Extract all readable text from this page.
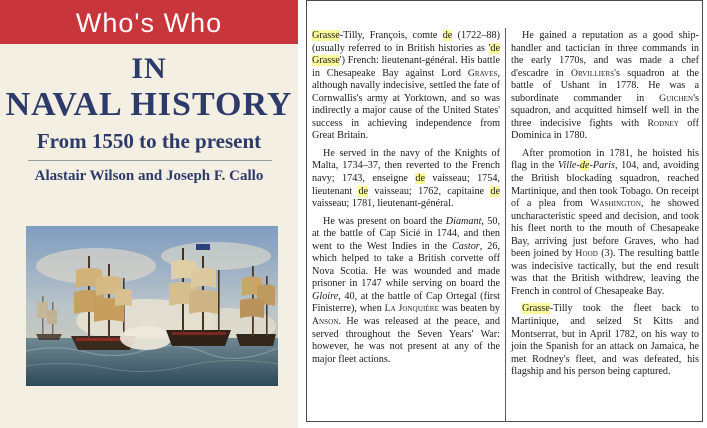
Who's Who
IN
NAVAL HISTORY
From 1550 to the present
Alastair Wilson and Joseph F. Callo

Grasse-Tilly, François, comte de (1722–88) (usually referred to in British histories as 'de Grasse') French: lieutenant-général. His battle in Chesapeake Bay against Lord Graves, although navally indecisive, settled the fate of Cornwallis's army at Yorktown, and so was indirectly a major cause of the United States' success in achieving independence from Great Britain.

He served in the navy of the Knights of Malta, 1734–37, then reverted to the French navy; 1743, enseigne de vaisseau; 1754, lieutenant de vaisseau; 1762, capitaine de vaisseau; 1781, lieutenant-général.

He was present on board the Diamant, 50, at the battle of Cap Sicié in 1744, and then went to the West Indies in the Castor, 26, which helped to take a British corvette off Nova Scotia. He was wounded and made prisoner in 1747 while serving on board the Gloire, 40, at the battle of Cap Ortegal (first Finisterre), when La Jonquière was beaten by Anson. He was released at the peace, and served throughout the Seven Years' War: however, he was not present at any of the major fleet actions.

He gained a reputation as a good ship-handler and tactician in three commands in the early 1770s, and was made a chef d'escadre in Orvilliers's squadron at the battle of Ushant in 1778. He was a subordinate commander in Guichen's squadron, and acquitted himself well in the three indecisive fights with Rodney off Dominica in 1780.

After promotion in 1781, he hoisted his flag in the Ville-de-Paris, 104, and, avoiding the British blockading squadron, reached Martinique, and then took Tobago. On receipt of a plea from Washington, he showed uncharacteristic speed and decision, and took his fleet north to the mouth of Chesapeake Bay, arriving just before Graves, who had been joined by Hood (3). The resulting battle was indecisive tactically, but the end result was that the British withdrew, leaving the French in control of Chesapeake Bay.

Grasse-Tilly took the fleet back to Martinique, and seized St Kitts and Montserrat, but in April 1782, on his way to join the Spanish for an attack on Jamaica, he met Rodney's fleet, and was defeated, his flagship and his person being captured.
